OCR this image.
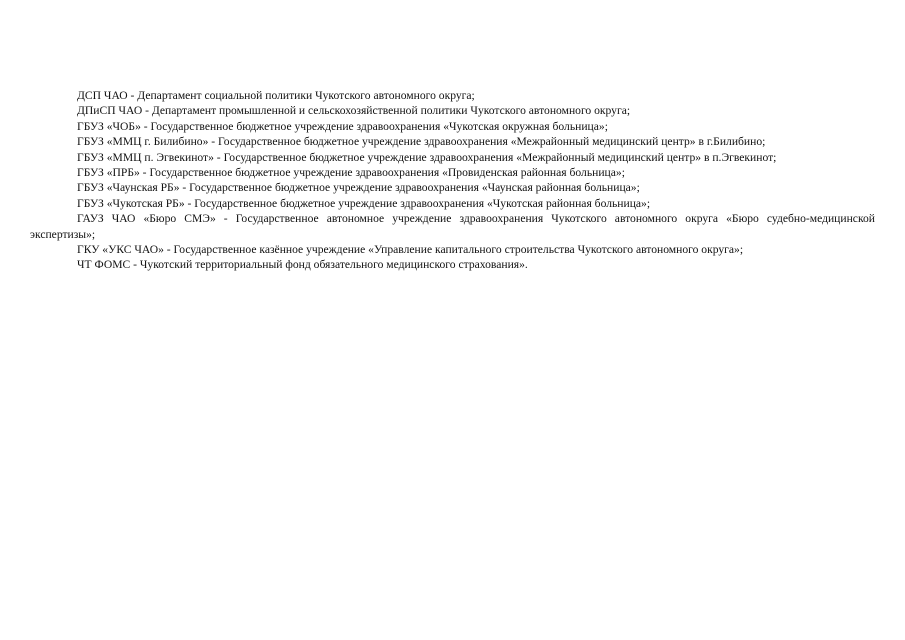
ДСП ЧАО - Департамент социальной политики Чукотского автономного округа;

ДПиСП ЧАО - Департамент промышленной и сельскохозяйственной политики Чукотского автономного округа;

ГБУЗ «ЧОБ» - Государственное бюджетное учреждение здравоохранения «Чукотская окружная больница»;

ГБУЗ «ММЦ г. Билибино» - Государственное бюджетное учреждение здравоохранения «Межрайонный медицинский центр» в г.Билибино;

ГБУЗ «ММЦ п. Эгвекинот» - Государственное бюджетное учреждение здравоохранения «Межрайонный медицинский центр» в п.Эгвекинот;

ГБУЗ «ПРБ» - Государственное бюджетное учреждение здравоохранения «Провиденская районная больница»;

ГБУЗ «Чаунская РБ» - Государственное бюджетное учреждение здравоохранения «Чаунская районная больница»;

ГБУЗ «Чукотская РБ» - Государственное бюджетное учреждение здравоохранения «Чукотская районная больница»;

ГАУЗ ЧАО «Бюро СМЭ» - Государственное автономное учреждение здравоохранения Чукотского автономного округа «Бюро судебно-медицинской экспертизы»;

ГКУ «УКС ЧАО» - Государственное казённое учреждение «Управление капитального строительства Чукотского автономного округа»;

ЧТ ФОМС - Чукотский территориальный фонд обязательного медицинского страхования».
